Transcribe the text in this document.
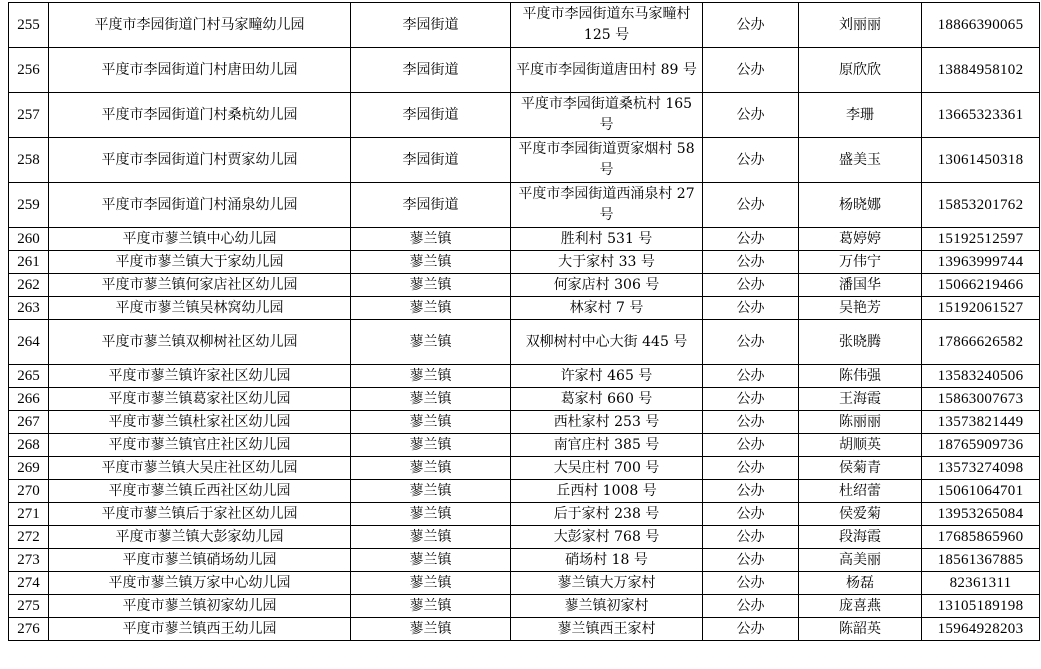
255	平度市李园街道门村马家疃幼儿园	李园街道	平度市李园街道东马家疃村 125 号	公办	刘丽丽	18866390065
256	平度市李园街道门村唐田幼儿园	李园街道	平度市李园街道唐田村 89 号	公办	原欣欣	13884958102
257	平度市李园街道门村桑杭幼儿园	李园街道	平度市李园街道桑杭村 165 号	公办	李珊	13665323361
258	平度市李园街道门村贾家幼儿园	李园街道	平度市李园街道贾家烟村 58 号	公办	盛美玉	13061450318
259	平度市李园街道门村涌泉幼儿园	李园街道	平度市李园街道西涌泉村 27 号	公办	杨晓娜	15853201762
260	平度市蓼兰镇中心幼儿园	蓼兰镇	胜利村 531 号	公办	葛婷婷	15192512597
261	平度市蓼兰镇大于家幼儿园	蓼兰镇	大于家村 33 号	公办	万伟宁	13963999744
262	平度市蓼兰镇何家店社区幼儿园	蓼兰镇	何家店村 306 号	公办	潘国华	15066219466
263	平度市蓼兰镇吴林窝幼儿园	蓼兰镇	林家村 7 号	公办	吴艳芳	15192061527
264	平度市蓼兰镇双柳树社区幼儿园	蓼兰镇	双柳树村中心大街 445 号	公办	张晓腾	17866626582
265	平度市蓼兰镇许家社区幼儿园	蓼兰镇	许家村 465 号	公办	陈伟强	13583240506
266	平度市蓼兰镇葛家社区幼儿园	蓼兰镇	葛家村 660 号	公办	王海霞	15863007673
267	平度市蓼兰镇杜家社区幼儿园	蓼兰镇	西杜家村 253 号	公办	陈丽丽	13573821449
268	平度市蓼兰镇官庄社区幼儿园	蓼兰镇	南官庄村 385 号	公办	胡顺英	18765909736
269	平度市蓼兰镇大吴庄社区幼儿园	蓼兰镇	大吴庄村 700 号	公办	侯菊青	13573274098
270	平度市蓼兰镇丘西社区幼儿园	蓼兰镇	丘西村 1008 号	公办	杜绍蕾	15061064701
271	平度市蓼兰镇后于家社区幼儿园	蓼兰镇	后于家村 238 号	公办	侯爱菊	13953265084
272	平度市蓼兰镇大彭家幼儿园	蓼兰镇	大彭家村 768 号	公办	段海霞	17685865960
273	平度市蓼兰镇硝场幼儿园	蓼兰镇	硝场村 18 号	公办	高美丽	18561367885
274	平度市蓼兰镇万家中心幼儿园	蓼兰镇	蓼兰镇大万家村	公办	杨磊	82361311
275	平度市蓼兰镇初家幼儿园	蓼兰镇	蓼兰镇初家村	公办	庞喜燕	13105189198
276	平度市蓼兰镇西王幼儿园	蓼兰镇	蓼兰镇西王家村	公办	陈韶英	15964928203
